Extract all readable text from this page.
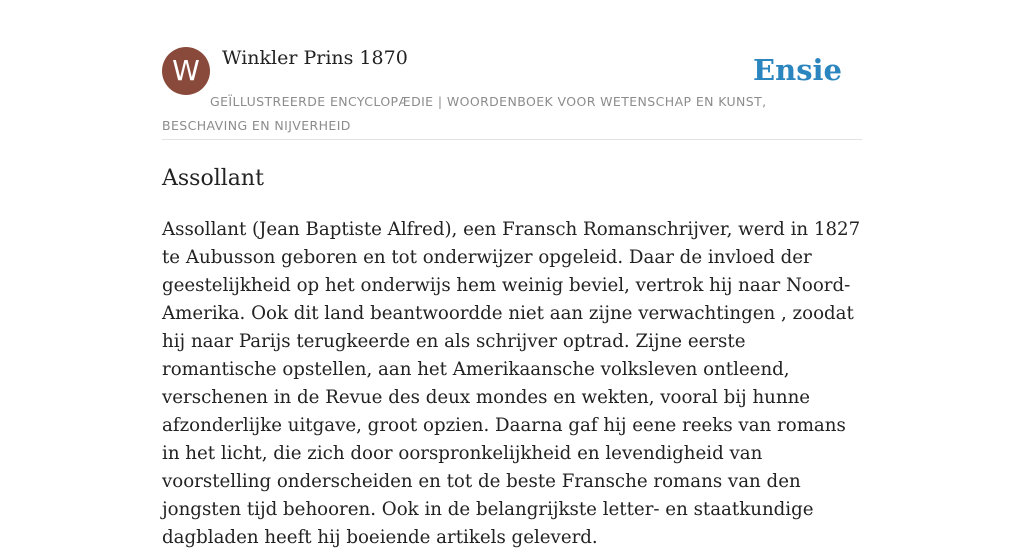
W	Winkler Prins 1870	Ensie
GEÏLLUSTREERDE ENCYCLOPÆDIE | WOORDENBOEK VOOR WETENSCHAP EN KUNST, BESCHAVING EN NIJVERHEID
Assollant

Assollant (Jean Baptiste Alfred), een Fransch Romanschrijver, werd in 1827 te Aubusson geboren en tot onderwijzer opgeleid. Daar de invloed der geestelijkheid op het onderwijs hem weinig beviel, vertrok hij naar Noord-Amerika. Ook dit land beantwoordde niet aan zijne verwachtingen , zoodat hij naar Parijs terugkeerde en als schrijver optrad. Zijne eerste romantische opstellen, aan het Amerikaansche volksleven ontleend, verschenen in de Revue des deux mondes en wekten, vooral bij hunne afzonderlijke uitgave, groot opzien. Daarna gaf hij eene reeks van romans in het licht, die zich door oorspronkelijkheid en levendigheid van voorstelling onderscheiden en tot de beste Fransche romans van den jongsten tijd behooren. Ook in de belangrijkste letter- en staatkundige dagbladen heeft hij boeiende artikels geleverd.
